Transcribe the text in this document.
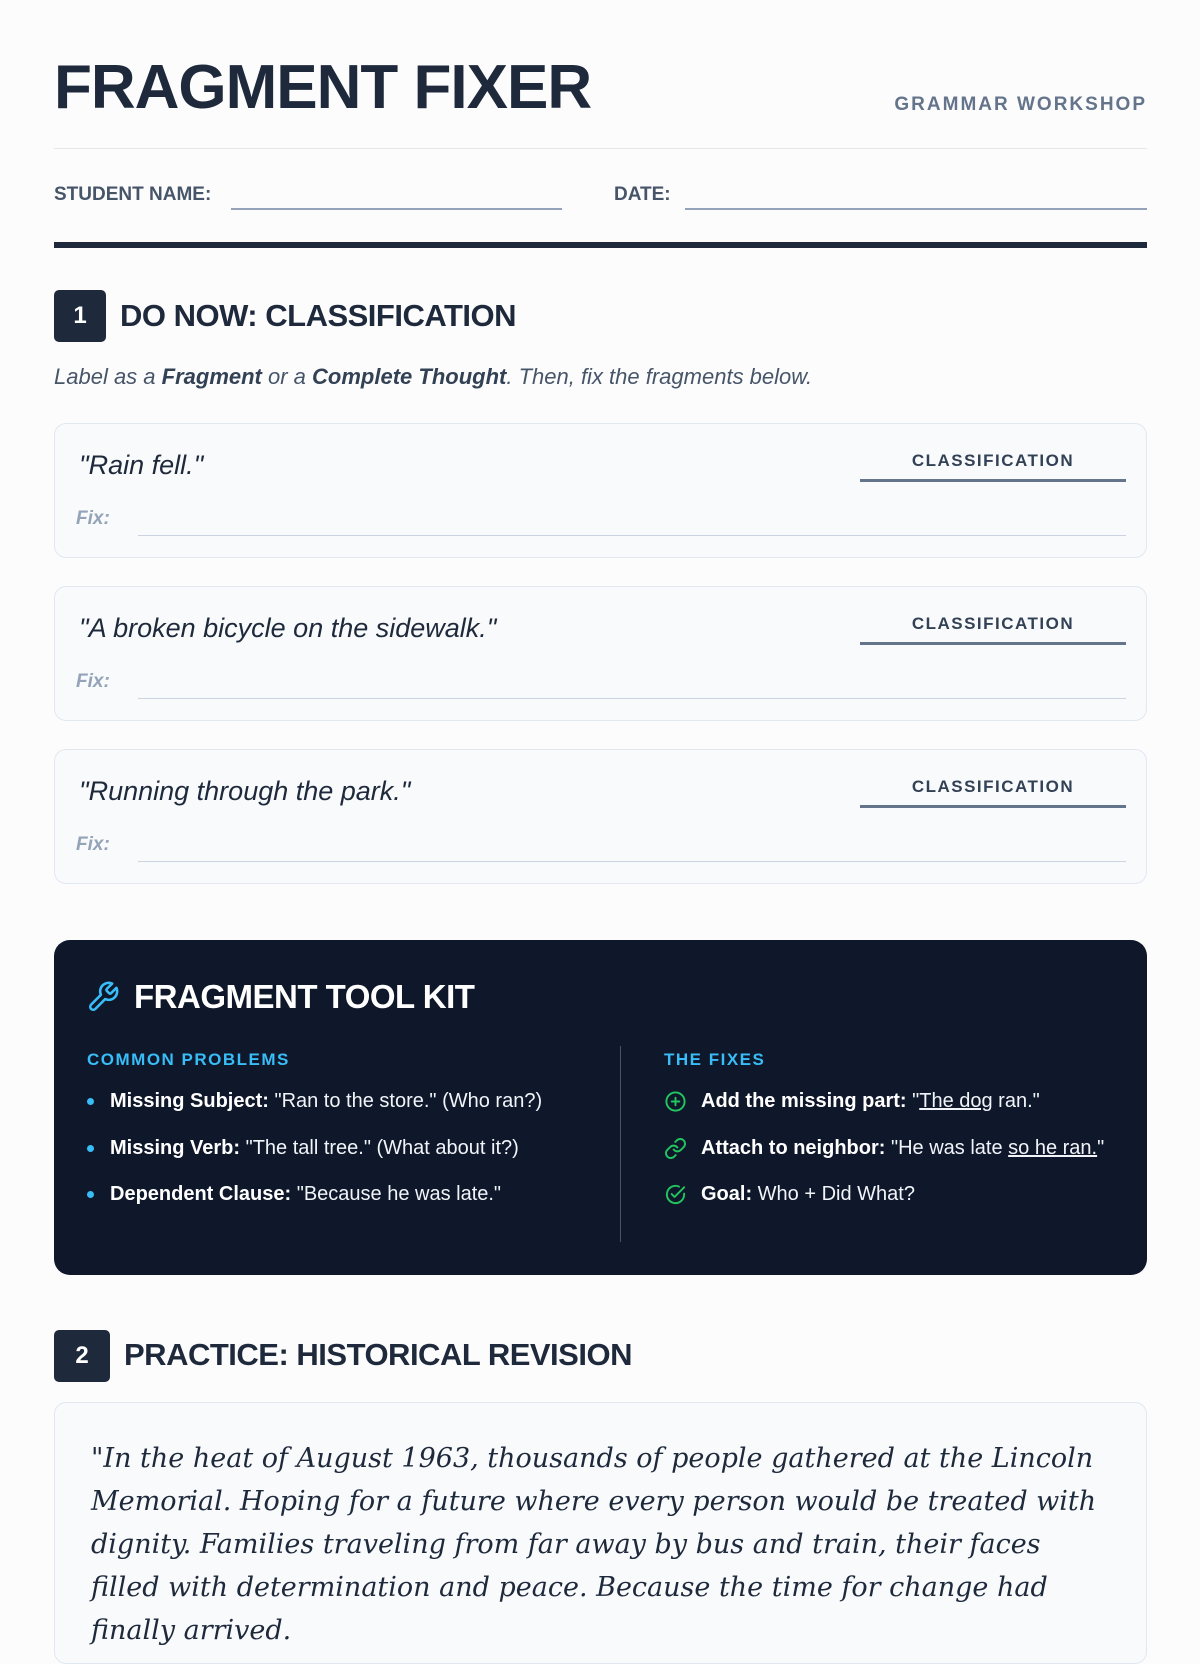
FRAGMENT FIXER	GRAMMAR WORKSHOP
STUDENT NAME:	DATE:
1	DO NOW: CLASSIFICATION
Label as a Fragment or a Complete Thought. Then, fix the fragments below.
"Rain fell."	CLASSIFICATION
Fix:
"A broken bicycle on the sidewalk."	CLASSIFICATION
Fix:
"Running through the park."	CLASSIFICATION
Fix:
FRAGMENT TOOL KIT
COMMON PROBLEMS
Missing Subject: "Ran to the store." (Who ran?)
Missing Verb: "The tall tree." (What about it?)
Dependent Clause: "Because he was late."
THE FIXES
Add the missing part: "The dog ran."
Attach to neighbor: "He was late so he ran."
Goal: Who + Did What?
2	PRACTICE: HISTORICAL REVISION

"In the heat of August 1963, thousands of people gathered at the Lincoln Memorial. Hoping for a future where every person would be treated with dignity. Families traveling from far away by bus and train, their faces filled with determination and peace. Because the time for change had finally arrived.
